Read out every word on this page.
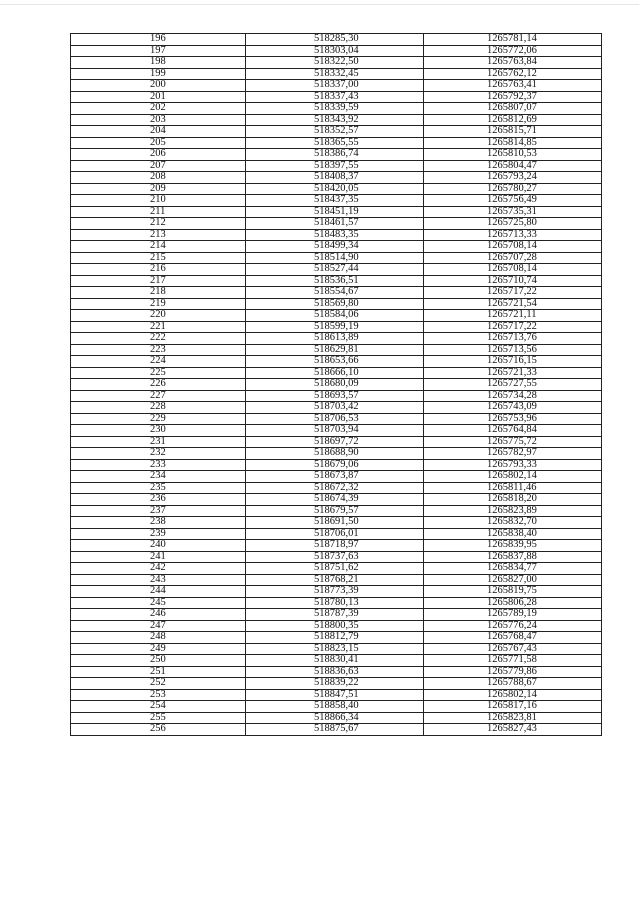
196	518285,30	1265781,14
197	518303,04	1265772,06
198	518322,50	1265763,84
199	518332,45	1265762,12
200	518337,00	1265763,41
201	518337,43	1265792,37
202	518339,59	1265807,07
203	518343,92	1265812,69
204	518352,57	1265815,71
205	518365,55	1265814,85
206	518386,74	1265810,53
207	518397,55	1265804,47
208	518408,37	1265793,24
209	518420,05	1265780,27
210	518437,35	1265756,49
211	518451,19	1265735,31
212	518461,57	1265725,80
213	518483,35	1265713,33
214	518499,34	1265708,14
215	518514,90	1265707,28
216	518527,44	1265708,14
217	518536,51	1265710,74
218	518554,67	1265717,22
219	518569,80	1265721,54
220	518584,06	1265721,11
221	518599,19	1265717,22
222	518613,89	1265713,76
223	518629,81	1265713,56
224	518653,66	1265716,15
225	518666,10	1265721,33
226	518680,09	1265727,55
227	518693,57	1265734,28
228	518703,42	1265743,09
229	518706,53	1265753,96
230	518703,94	1265764,84
231	518697,72	1265775,72
232	518688,90	1265782,97
233	518679,06	1265793,33
234	518673,87	1265802,14
235	518672,32	1265811,46
236	518674,39	1265818,20
237	518679,57	1265823,89
238	518691,50	1265832,70
239	518706,01	1265838,40
240	518718,97	1265839,95
241	518737,63	1265837,88
242	518751,62	1265834,77
243	518768,21	1265827,00
244	518773,39	1265819,75
245	518780,13	1265806,28
246	518787,39	1265789,19
247	518800,35	1265776,24
248	518812,79	1265768,47
249	518823,15	1265767,43
250	518830,41	1265771,58
251	518836,63	1265779,86
252	518839,22	1265788,67
253	518847,51	1265802,14
254	518858,40	1265817,16
255	518866,34	1265823,81
256	518875,67	1265827,43
